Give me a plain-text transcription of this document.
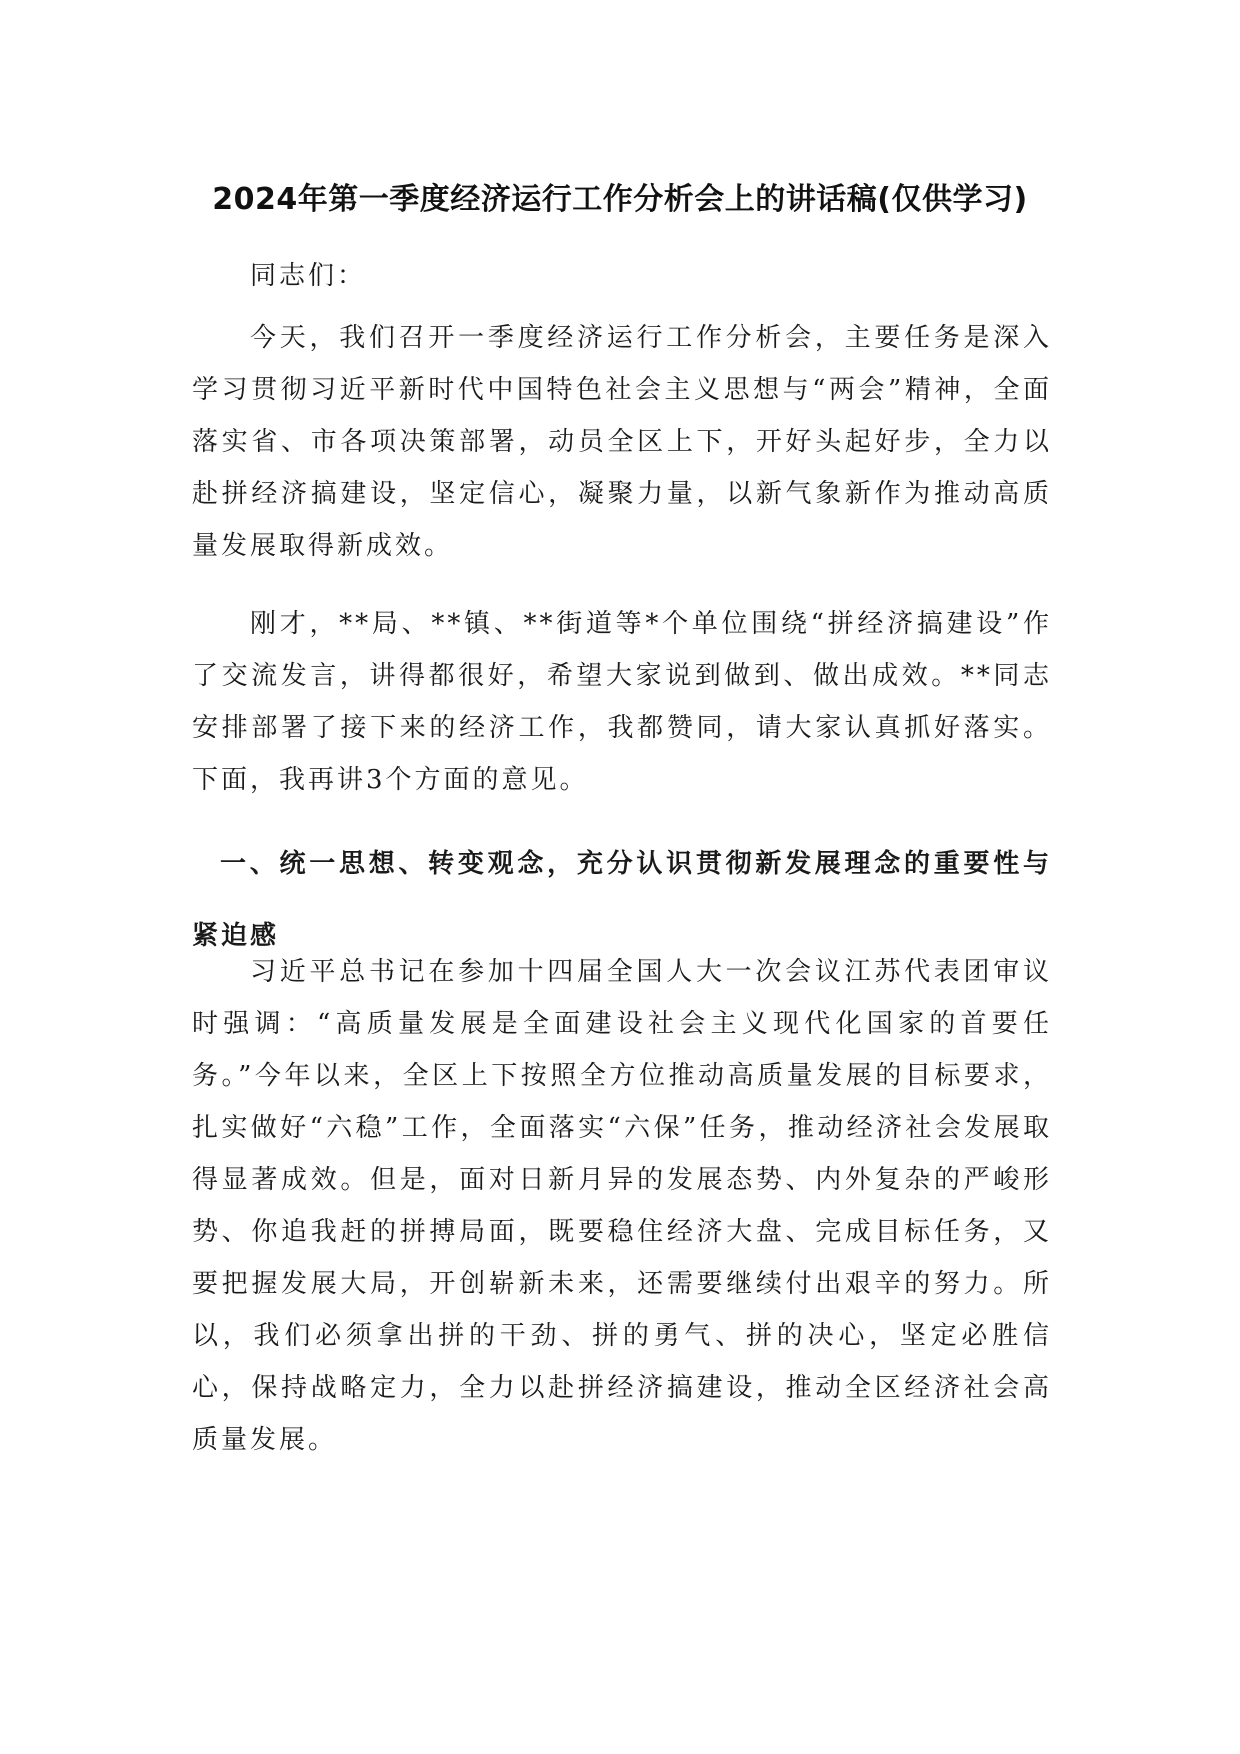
2024年第一季度经济运行工作分析会上的讲话稿(仅供学习)

同志们：

今天，我们召开一季度经济运行工作分析会，主要任务是深入学习贯彻习近平新时代中国特色社会主义思想与“两会”精神，全面落实省、市各项决策部署，动员全区上下，开好头起好步，全力以赴拼经济搞建设，坚定信心，凝聚力量，以新气象新作为推动高质量发展取得新成效。

刚才，**局、**镇、**街道等*个单位围绕“拼经济搞建设”作了交流发言，讲得都很好，希望大家说到做到、做出成效。**同志安排部署了接下来的经济工作，我都赞同，请大家认真抓好落实。下面，我再讲3个方面的意见。

一、统一思想、转变观念，充分认识贯彻新发展理念的重要性与紧迫感

习近平总书记在参加十四届全国人大一次会议江苏代表团审议时强调：“高质量发展是全面建设社会主义现代化国家的首要任务。”今年以来，全区上下按照全方位推动高质量发展的目标要求，扎实做好“六稳”工作，全面落实“六保”任务，推动经济社会发展取得显著成效。但是，面对日新月异的发展态势、内外复杂的严峻形势、你追我赶的拼搏局面，既要稳住经济大盘、完成目标任务，又要把握发展大局，开创崭新未来，还需要继续付出艰辛的努力。所以，我们必须拿出拼的干劲、拼的勇气、拼的决心，坚定必胜信心，保持战略定力，全力以赴拼经济搞建设，推动全区经济社会高质量发展。
